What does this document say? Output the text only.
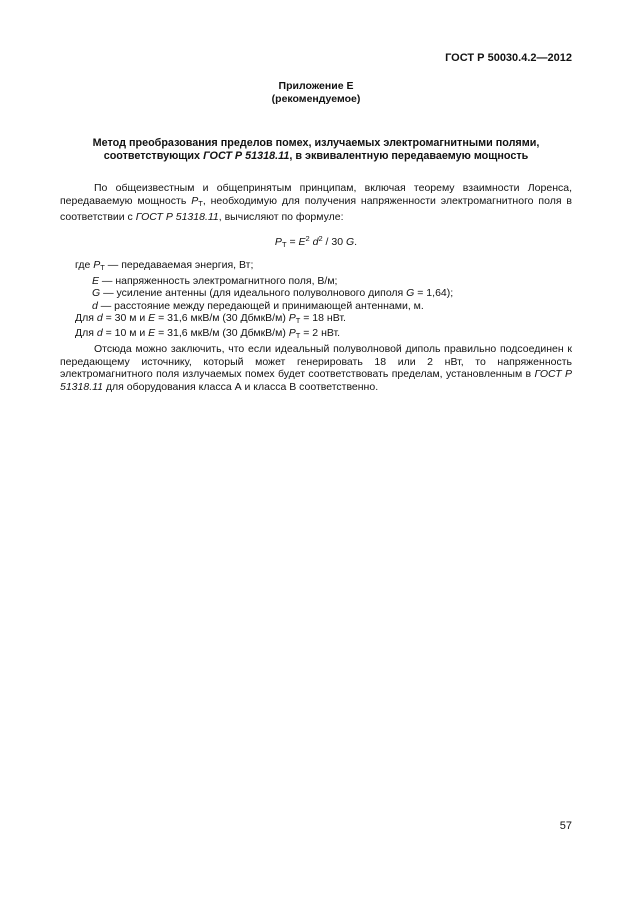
ГОСТ Р 50030.4.2—2012
Приложение Е
(рекомендуемое)
Метод преобразования пределов помех, излучаемых электромагнитными полями, соответствующих ГОСТ Р 51318.11, в эквивалентную передаваемую мощность

По общеизвестным и общепринятым принципам, включая теорему взаимности Лоренса, передаваемую мощность PТ, необходимую для получения напряженности электромагнитного поля в соответствии с ГОСТ Р 51318.11, вычисляют по формуле:

PТ = $E^2$ $d^2 / 30$ G.
где PТ — передаваемая энергия, Вт;
E — напряженность электромагнитного поля, В/м;
G — усиление антенны (для идеального полуволнового диполя G = 1,64);
d — расстояние между передающей и принимающей антеннами, м.
Для d = 30 м и E = 31,6 мкВ/м (30 ДбмкВ/м) PТ = 18 нВт.
Для d = 10 м и E = 31,6 мкВ/м (30 ДбмкВ/м) PТ = 2 нВт.

Отсюда можно заключить, что если идеальный полуволновой диполь правильно подсоединен к передающему источнику, который может генерировать 18 или 2 нВт, то напряженность электромагнитного поля излучаемых помех будет соответствовать пределам, установленным в ГОСТ Р 51318.11 для оборудования класса А и класса В соответственно.

57
